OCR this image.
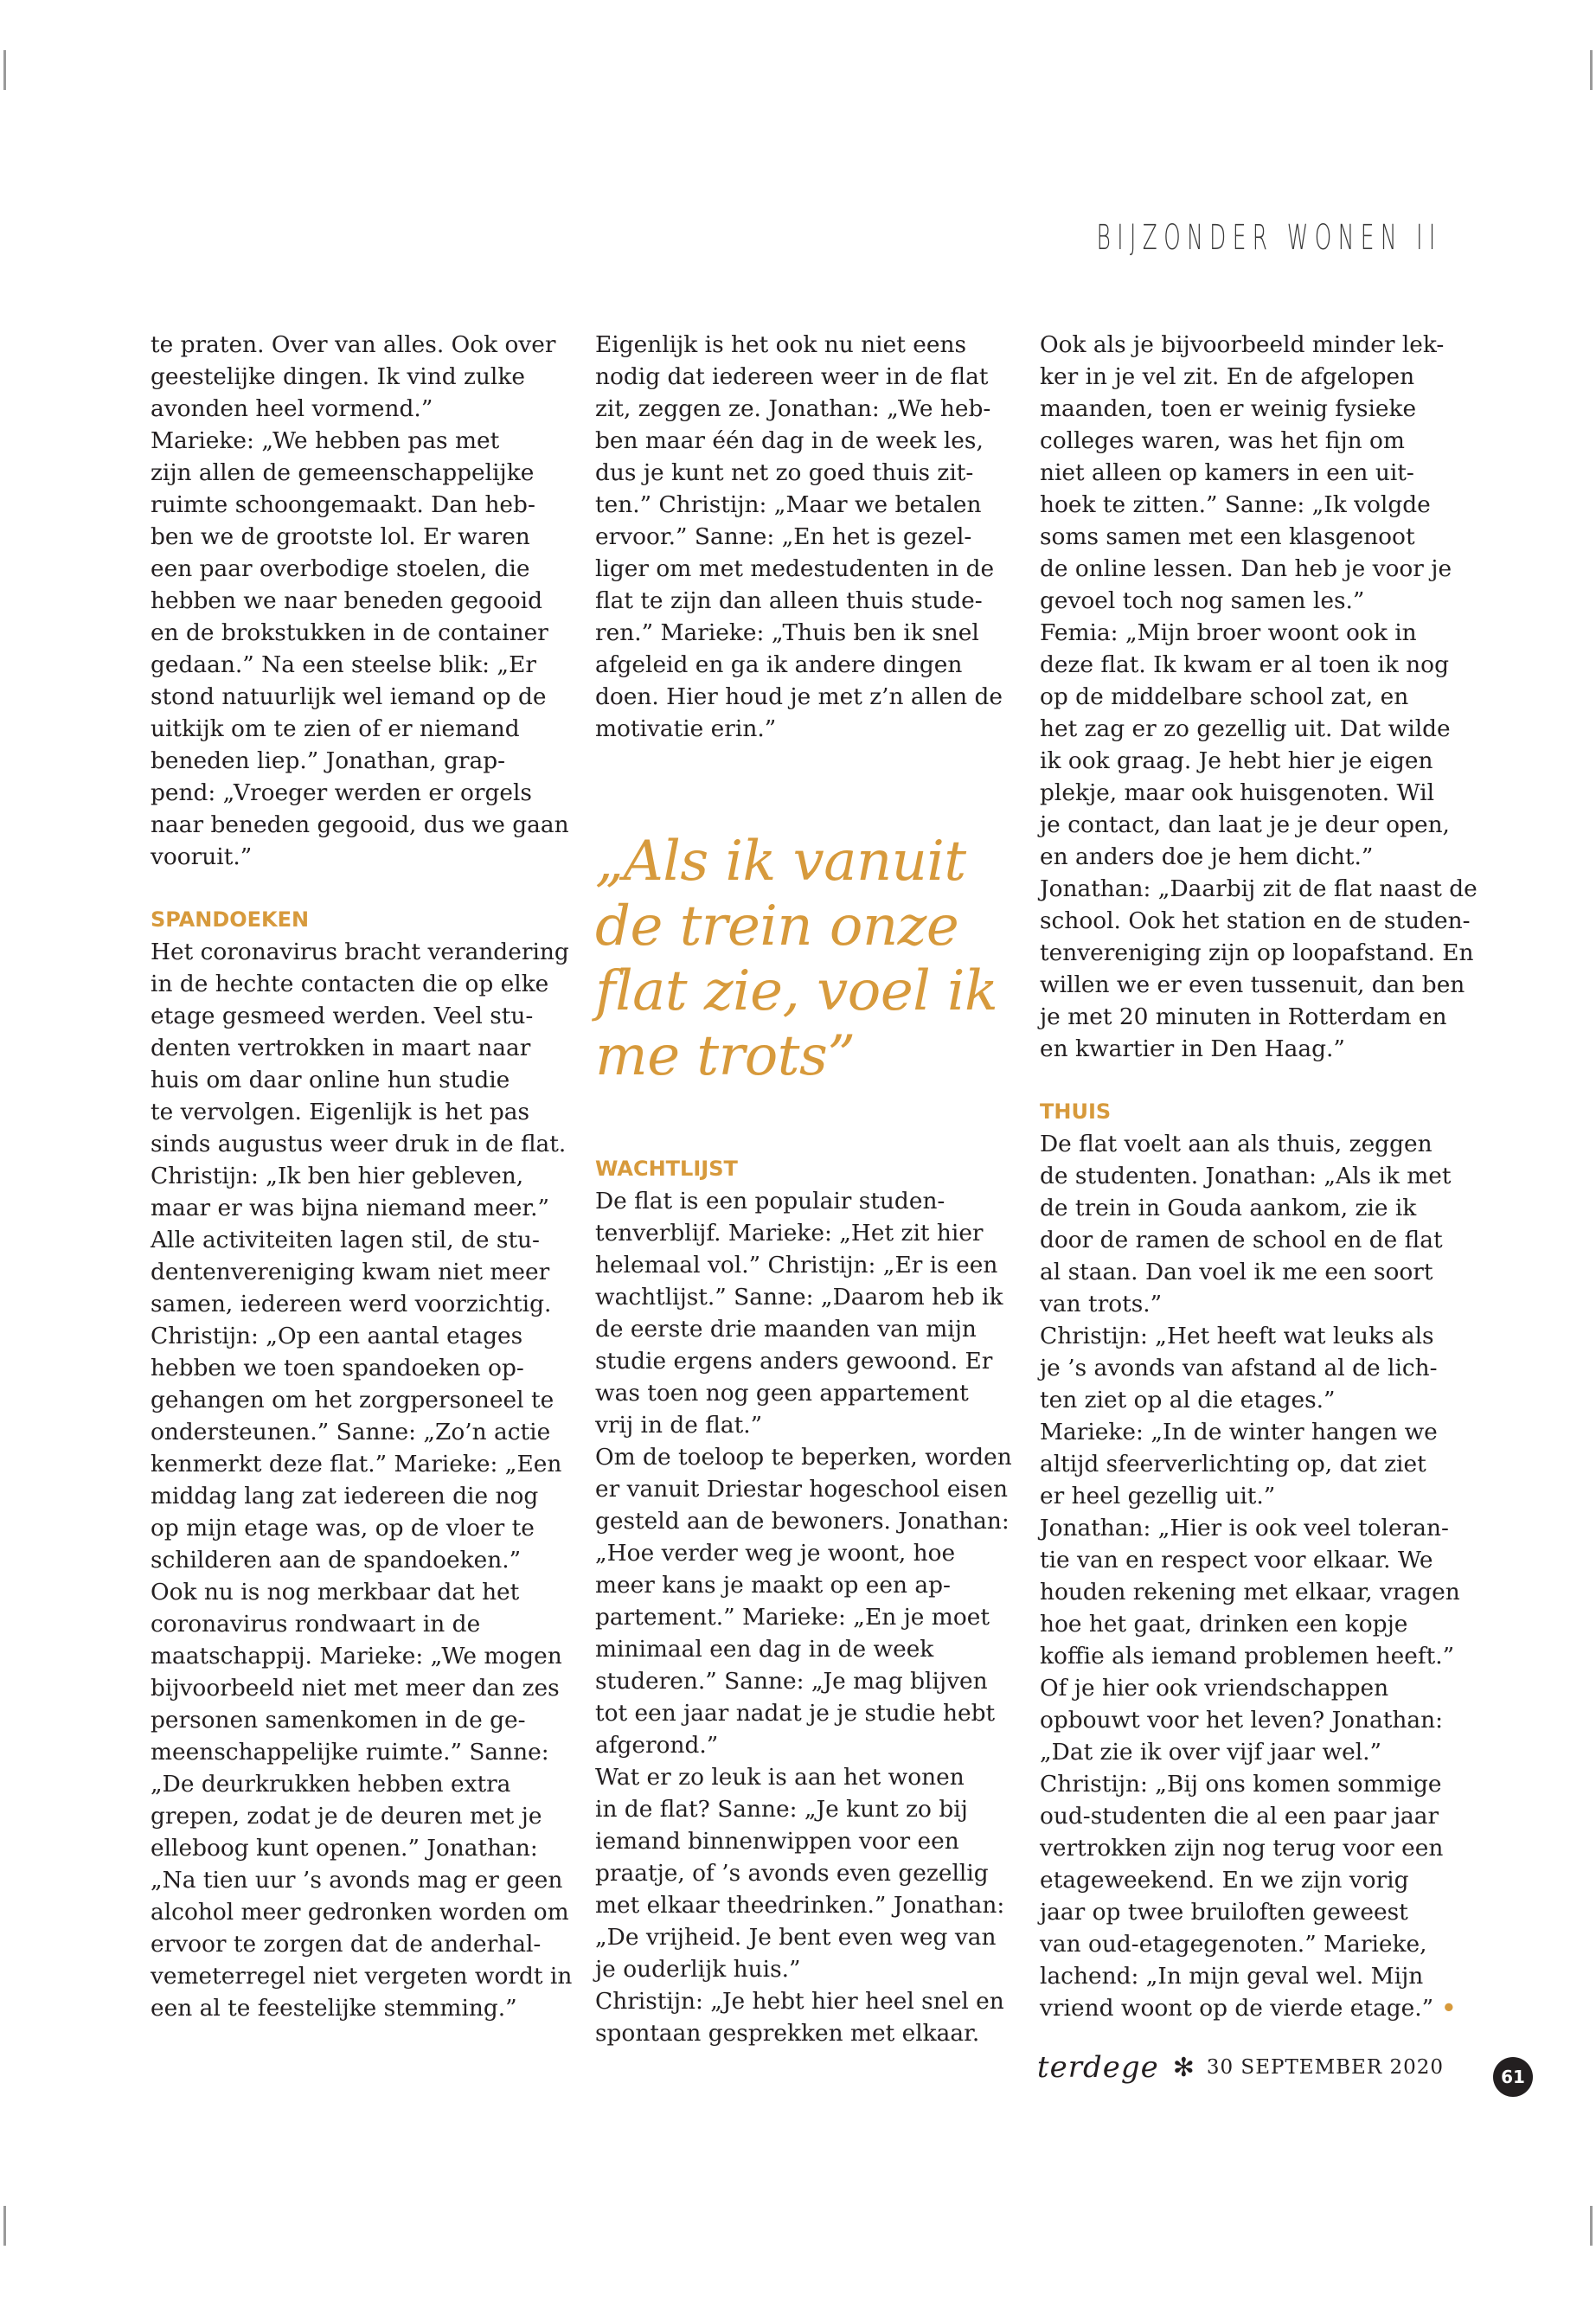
BIJZONDER WONEN II

te praten. Over van alles. Ook over

geestelijke dingen. Ik vind zulke

avonden heel vormend.”

Marieke: „We hebben pas met

zijn allen de gemeenschappelijke

ruimte schoongemaakt. Dan heb-

ben we de grootste lol. Er waren

een paar overbodige stoelen, die

hebben we naar beneden gegooid

en de brokstukken in de container

gedaan.” Na een steelse blik: „Er

stond natuurlijk wel iemand op de

uitkijk om te zien of er niemand

beneden liep.” Jonathan, grap-

pend: „Vroeger werden er orgels

naar beneden gegooid, dus we gaan

vooruit.”

SPANDOEKEN

Het coronavirus bracht verandering

in de hechte contacten die op elke

etage gesmeed werden. Veel stu-

denten vertrokken in maart naar

huis om daar online hun studie

te vervolgen. Eigenlijk is het pas

sinds augustus weer druk in de flat.

Christijn: „Ik ben hier gebleven,

maar er was bijna niemand meer.”

Alle activiteiten lagen stil, de stu-

dentenvereniging kwam niet meer

samen, iedereen werd voorzichtig.

Christijn: „Op een aantal etages

hebben we toen spandoeken op-

gehangen om het zorgpersoneel te

ondersteunen.” Sanne: „Zo’n actie

kenmerkt deze flat.” Marieke: „Een

middag lang zat iedereen die nog

op mijn etage was, op de vloer te

schilderen aan de spandoeken.”

Ook nu is nog merkbaar dat het

coronavirus rondwaart in de

maatschappij. Marieke: „We mogen

bijvoorbeeld niet met meer dan zes

personen samenkomen in de ge-

meenschappelijke ruimte.” Sanne:

„De deurkrukken hebben extra

grepen, zodat je de deuren met je

elleboog kunt openen.” Jonathan:

„Na tien uur ’s avonds mag er geen

alcohol meer gedronken worden om

ervoor te zorgen dat de anderhal-

vemeterregel niet vergeten wordt in

een al te feestelijke stemming.”

Eigenlijk is het ook nu niet eens

nodig dat iedereen weer in de flat

zit, zeggen ze. Jonathan: „We heb-

ben maar één dag in de week les,

dus je kunt net zo goed thuis zit-

ten.” Christijn: „Maar we betalen

ervoor.” Sanne: „En het is gezel-

liger om met medestudenten in de

flat te zijn dan alleen thuis stude-

ren.” Marieke: „Thuis ben ik snel

afgeleid en ga ik andere dingen

doen. Hier houd je met z’n allen de

motivatie erin.”

„Als ik vanuit
de trein onze
flat zie, voel ik
me trots”
WACHTLIJST

De flat is een populair studen-

tenverblijf. Marieke: „Het zit hier

helemaal vol.” Christijn: „Er is een

wachtlijst.” Sanne: „Daarom heb ik

de eerste drie maanden van mijn

studie ergens anders gewoond. Er

was toen nog geen appartement

vrij in de flat.”

Om de toeloop te beperken, worden

er vanuit Driestar hogeschool eisen

gesteld aan de bewoners. Jonathan:

„Hoe verder weg je woont, hoe

meer kans je maakt op een ap-

partement.” Marieke: „En je moet

minimaal een dag in de week

studeren.” Sanne: „Je mag blijven

tot een jaar nadat je je studie hebt

afgerond.”

Wat er zo leuk is aan het wonen

in de flat? Sanne: „Je kunt zo bij

iemand binnenwippen voor een

praatje, of ’s avonds even gezellig

met elkaar theedrinken.” Jonathan:

„De vrijheid. Je bent even weg van

je ouderlijk huis.”

Christijn: „Je hebt hier heel snel en

spontaan gesprekken met elkaar.

Ook als je bijvoorbeeld minder lek-

ker in je vel zit. En de afgelopen

maanden, toen er weinig fysieke

colleges waren, was het fijn om

niet alleen op kamers in een uit-

hoek te zitten.” Sanne: „Ik volgde

soms samen met een klasgenoot

de online lessen. Dan heb je voor je

gevoel toch nog samen les.”

Femia: „Mijn broer woont ook in

deze flat. Ik kwam er al toen ik nog

op de middelbare school zat, en

het zag er zo gezellig uit. Dat wilde

ik ook graag. Je hebt hier je eigen

plekje, maar ook huisgenoten. Wil

je contact, dan laat je je deur open,

en anders doe je hem dicht.”

Jonathan: „Daarbij zit de flat naast de

school. Ook het station en de studen-

tenvereniging zijn op loopafstand. En

willen we er even tussenuit, dan ben

je met 20 minuten in Rotterdam en

en kwartier in Den Haag.”

THUIS

De flat voelt aan als thuis, zeggen

de studenten. Jonathan: „Als ik met

de trein in Gouda aankom, zie ik

door de ramen de school en de flat

al staan. Dan voel ik me een soort

van trots.”

Christijn: „Het heeft wat leuks als

je ’s avonds van afstand al de lich-

ten ziet op al die etages.”

Marieke: „In de winter hangen we

altijd sfeerverlichting op, dat ziet

er heel gezellig uit.”

Jonathan: „Hier is ook veel toleran-

tie van en respect voor elkaar. We

houden rekening met elkaar, vragen

hoe het gaat, drinken een kopje

koffie als iemand problemen heeft.”

Of je hier ook vriendschappen

opbouwt voor het leven? Jonathan:

„Dat zie ik over vijf jaar wel.”

Christijn: „Bij ons komen sommige

oud-studenten die al een paar jaar

vertrokken zijn nog terug voor een

etageweekend. En we zijn vorig

jaar op twee bruiloften geweest

van oud-etagegenoten.” Marieke,

lachend: „In mijn geval wel. Mijn

vriend woont op de vierde etage.” •

terdege ✻ 30 SEPTEMBER 2020	61
